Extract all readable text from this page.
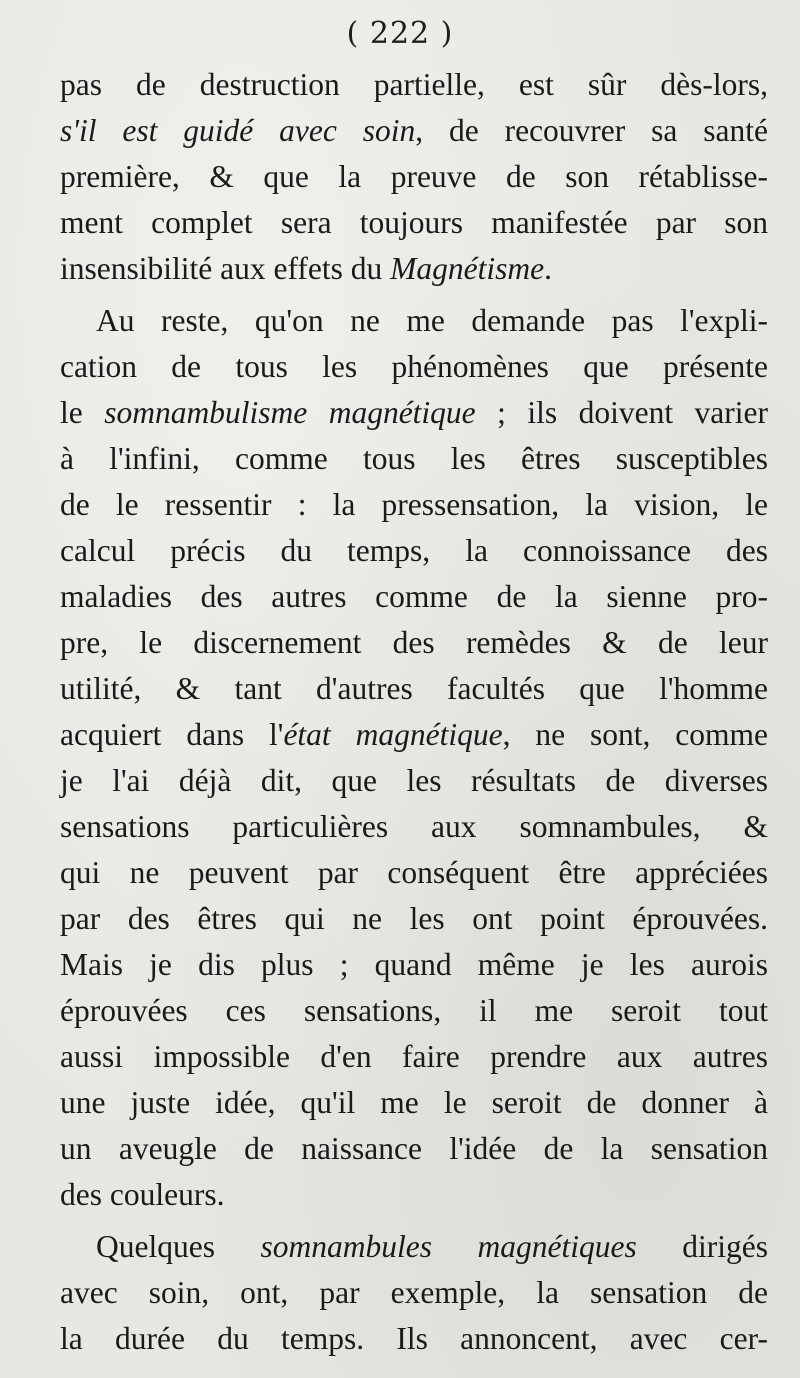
( 222 )
pas de destruction partielle, est sûr dès-lors,
s'il est guidé avec soin, de recouvrer sa santé
première, & que la preuve de son rétablisse-
ment complet sera toujours manifestée par son
insensibilité aux effets du Magnétisme.
Au reste, qu'on ne me demande pas l'expli-
cation de tous les phénomènes que présente
le somnambulisme magnétique ; ils doivent varier
à l'infini, comme tous les êtres susceptibles
de le ressentir : la pressensation, la vision, le
calcul précis du temps, la connoissance des
maladies des autres comme de la sienne pro-
pre, le discernement des remèdes & de leur
utilité, & tant d'autres facultés que l'homme
acquiert dans l'état magnétique, ne sont, comme
je l'ai déjà dit, que les résultats de diverses
sensations particulières aux somnambules, &
qui ne peuvent par conséquent être appréciées
par des êtres qui ne les ont point éprouvées.
Mais je dis plus ; quand même je les aurois
éprouvées ces sensations, il me seroit tout
aussi impossible d'en faire prendre aux autres
une juste idée, qu'il me le seroit de donner à
un aveugle de naissance l'idée de la sensation
des couleurs.
Quelques somnambules magnétiques dirigés
avec soin, ont, par exemple, la sensation de
la durée du temps. Ils annoncent, avec cer-
